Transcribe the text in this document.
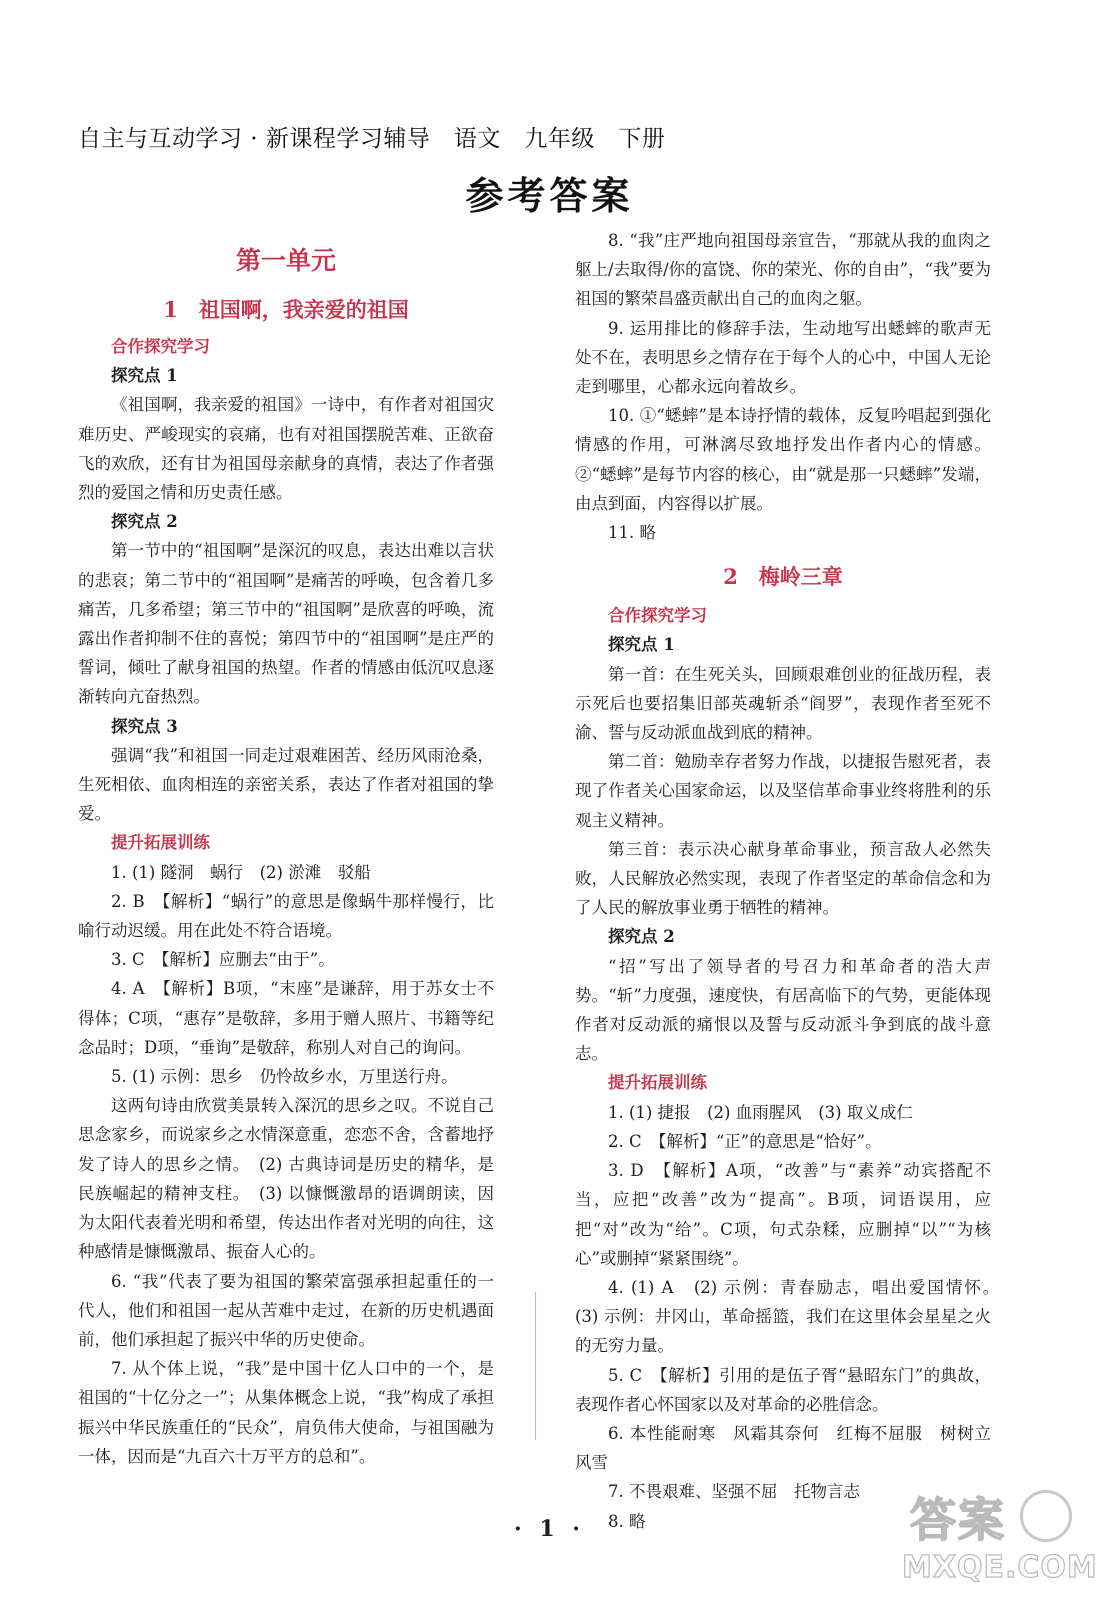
自主与互动学习 · 新课程学习辅导　语文　九年级　下册
参考答案
第一单元
1　祖国啊，我亲爱的祖国

合作探究学习

探究点 1

《祖国啊，我亲爱的祖国》一诗中，有作者对祖国灾难历史、严峻现实的哀痛，也有对祖国摆脱苦难、正欲奋飞的欢欣，还有甘为祖国母亲献身的真情，表达了作者强烈的爱国之情和历史责任感。

探究点 2

第一节中的“祖国啊”是深沉的叹息，表达出难以言状的悲哀；第二节中的“祖国啊”是痛苦的呼唤，包含着几多痛苦，几多希望；第三节中的“祖国啊”是欣喜的呼唤，流露出作者抑制不住的喜悦；第四节中的“祖国啊”是庄严的誓词，倾吐了献身祖国的热望。作者的情感由低沉叹息逐渐转向亢奋热烈。

探究点 3

强调“我”和祖国一同走过艰难困苦、经历风雨沧桑，生死相依、血肉相连的亲密关系，表达了作者对祖国的挚爱。

提升拓展训练

1. (1) 隧洞　蜗行　(2) 淤滩　驳船

2. B　【解析】“蜗行”的意思是像蜗牛那样慢行，比喻行动迟缓。用在此处不符合语境。

3. C　【解析】应删去“由于”。

4. A　【解析】B项，“末座”是谦辞，用于苏女士不得体；C项，“惠存”是敬辞，多用于赠人照片、书籍等纪念品时；D项，“垂询”是敬辞，称别人对自己的询问。

5. (1) 示例：思乡　仍怜故乡水，万里送行舟。

这两句诗由欣赏美景转入深沉的思乡之叹。不说自己思念家乡，而说家乡之水情深意重，恋恋不舍，含蓄地抒发了诗人的思乡之情。　(2) 古典诗词是历史的精华，是民族崛起的精神支柱。　(3) 以慷慨激昂的语调朗读，因为太阳代表着光明和希望，传达出作者对光明的向往，这种感情是慷慨激昂、振奋人心的。

6. “我”代表了要为祖国的繁荣富强承担起重任的一代人，他们和祖国一起从苦难中走过，在新的历史机遇面前，他们承担起了振兴中华的历史使命。

7. 从个体上说，“我”是中国十亿人口中的一个，是祖国的“十亿分之一”；从集体概念上说，“我”构成了承担振兴中华民族重任的“民众”，肩负伟大使命，与祖国融为一体，因而是“九百六十万平方的总和”。

8. “我”庄严地向祖国母亲宣告，“那就从我的血肉之躯上/去取得/你的富饶、你的荣光、你的自由”，“我”要为祖国的繁荣昌盛贡献出自己的血肉之躯。

9. 运用排比的修辞手法，生动地写出蟋蟀的歌声无处不在，表明思乡之情存在于每个人的心中，中国人无论走到哪里，心都永远向着故乡。

10. ①“蟋蟀”是本诗抒情的载体，反复吟唱起到强化情感的作用，可淋漓尽致地抒发出作者内心的情感。②“蟋蟀”是每节内容的核心，由“就是那一只蟋蟀”发端，由点到面，内容得以扩展。

11. 略

2　梅岭三章

合作探究学习

探究点 1

第一首：在生死关头，回顾艰难创业的征战历程，表示死后也要招集旧部英魂斩杀“阎罗”，表现作者至死不渝、誓与反动派血战到底的精神。

第二首：勉励幸存者努力作战，以捷报告慰死者，表现了作者关心国家命运，以及坚信革命事业终将胜利的乐观主义精神。

第三首：表示决心献身革命事业，预言敌人必然失败，人民解放必然实现，表现了作者坚定的革命信念和为了人民的解放事业勇于牺牲的精神。

探究点 2

“招”写出了领导者的号召力和革命者的浩大声势。“斩”力度强，速度快，有居高临下的气势，更能体现作者对反动派的痛恨以及誓与反动派斗争到底的战斗意志。

提升拓展训练

1. (1) 捷报　(2) 血雨腥风　(3) 取义成仁

2. C　【解析】“正”的意思是“恰好”。

3. D　【解析】A项，“改善”与“素养”动宾搭配不当，应把“改善”改为“提高”。B项，词语误用，应把“对”改为“给”。C项，句式杂糅，应删掉“以”“为核心”或删掉“紧紧围绕”。

4. (1) A　(2) 示例：青春励志，唱出爱国情怀。　(3) 示例：井冈山，革命摇篮，我们在这里体会星星之火的无穷力量。

5. C　【解析】引用的是伍子胥“悬昭东门”的典故，表现作者心怀国家以及对革命的必胜信念。

6. 本性能耐寒　风霜其奈何　红梅不屈服　树树立风雪

7. 不畏艰难、坚强不屈　托物言志

8. 略

· 1 ·	答案
MXQE.COM
